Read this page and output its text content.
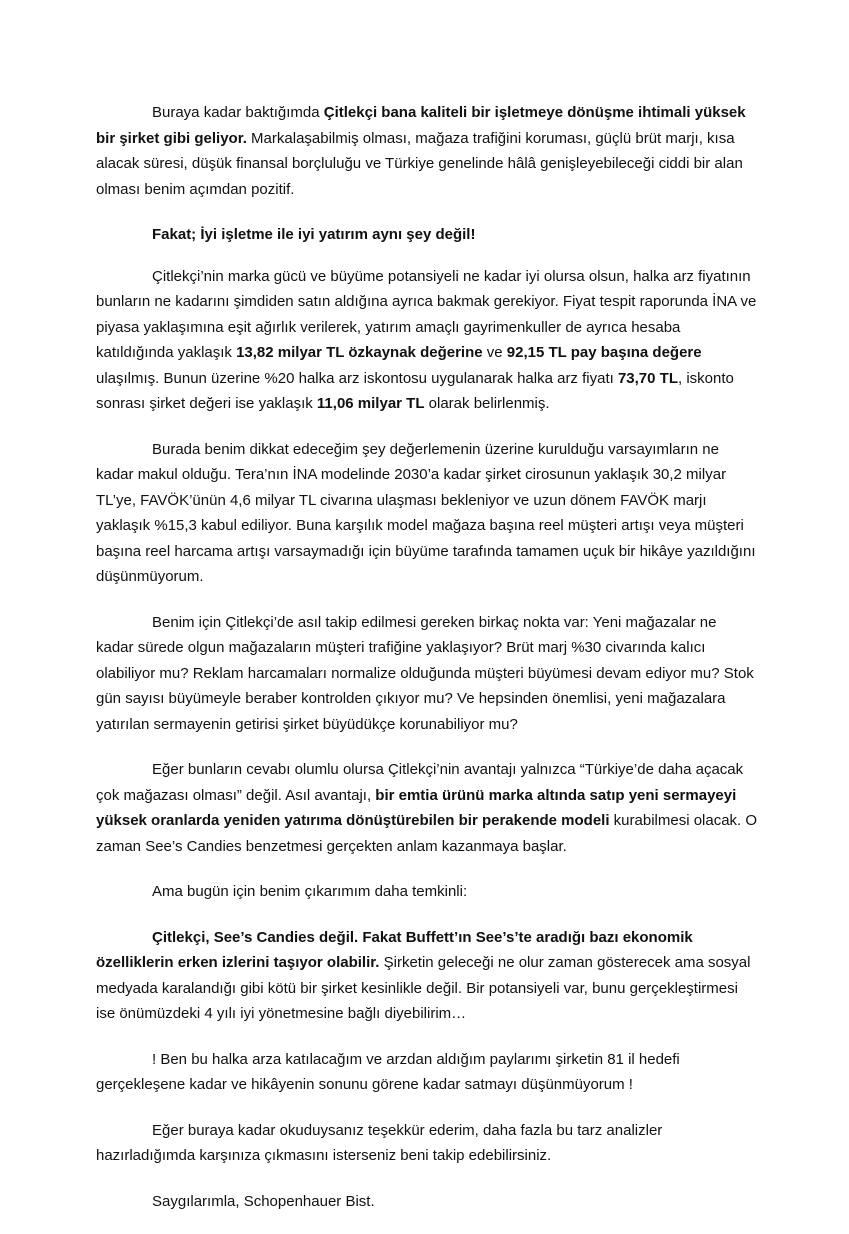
Buraya kadar baktığımda Çitlekçi bana kaliteli bir işletmeye dönüşme ihtimali yüksek bir şirket gibi geliyor. Markalaşabilmiş olması, mağaza trafiğini koruması, güçlü brüt marjı, kısa alacak süresi, düşük finansal borçluluğu ve Türkiye genelinde hâlâ genişleyebileceği ciddi bir alan olması benim açımdan pozitif.

Fakat; İyi işletme ile iyi yatırım aynı şey değil!

Çitlekçi’nin marka gücü ve büyüme potansiyeli ne kadar iyi olursa olsun, halka arz fiyatının bunların ne kadarını şimdiden satın aldığına ayrıca bakmak gerekiyor. Fiyat tespit raporunda İNA ve piyasa yaklaşımına eşit ağırlık verilerek, yatırım amaçlı gayrimenkuller de ayrıca hesaba katıldığında yaklaşık 13,82 milyar TL özkaynak değerine ve 92,15 TL pay başına değere ulaşılmış. Bunun üzerine %20 halka arz iskontosu uygulanarak halka arz fiyatı 73,70 TL, iskonto sonrası şirket değeri ise yaklaşık 11,06 milyar TL olarak belirlenmiş.

Burada benim dikkat edeceğim şey değerlemenin üzerine kurulduğu varsayımların ne kadar makul olduğu. Tera’nın İNA modelinde 2030’a kadar şirket cirosunun yaklaşık 30,2 milyar TL’ye, FAVÖK’ünün 4,6 milyar TL civarına ulaşması bekleniyor ve uzun dönem FAVÖK marjı yaklaşık %15,3 kabul ediliyor. Buna karşılık model mağaza başına reel müşteri artışı veya müşteri başına reel harcama artışı varsaymadığı için büyüme tarafında tamamen uçuk bir hikâye yazıldığını düşünmüyorum.

Benim için Çitlekçi’de asıl takip edilmesi gereken birkaç nokta var: Yeni mağazalar ne kadar sürede olgun mağazaların müşteri trafiğine yaklaşıyor? Brüt marj %30 civarında kalıcı olabiliyor mu? Reklam harcamaları normalize olduğunda müşteri büyümesi devam ediyor mu? Stok gün sayısı büyümeyle beraber kontrolden çıkıyor mu? Ve hepsinden önemlisi, yeni mağazalara yatırılan sermayenin getirisi şirket büyüdükçe korunabiliyor mu?

Eğer bunların cevabı olumlu olursa Çitlekçi’nin avantajı yalnızca “Türkiye’de daha açacak çok mağazası olması” değil. Asıl avantajı, bir emtia ürünü marka altında satıp yeni sermayeyi yüksek oranlarda yeniden yatırıma dönüştürebilen bir perakende modeli kurabilmesi olacak. O zaman See’s Candies benzetmesi gerçekten anlam kazanmaya başlar.

Ama bugün için benim çıkarımım daha temkinli:

Çitlekçi, See’s Candies değil. Fakat Buffett’ın See’s’te aradığı bazı ekonomik özelliklerin erken izlerini taşıyor olabilir. Şirketin geleceği ne olur zaman gösterecek ama sosyal medyada karalandığı gibi kötü bir şirket kesinlikle değil. Bir potansiyeli var, bunu gerçekleştirmesi ise önümüzdeki 4 yılı iyi yönetmesine bağlı diyebilirim…

! Ben bu halka arza katılacağım ve arzdan aldığım paylarımı şirketin 81 il hedefi gerçekleşene kadar ve hikâyenin sonunu görene kadar satmayı düşünmüyorum !

Eğer buraya kadar okuduysanız teşekkür ederim, daha fazla bu tarz analizler hazırladığımda karşınıza çıkmasını isterseniz beni takip edebilirsiniz.

Saygılarımla, Schopenhauer Bist.
